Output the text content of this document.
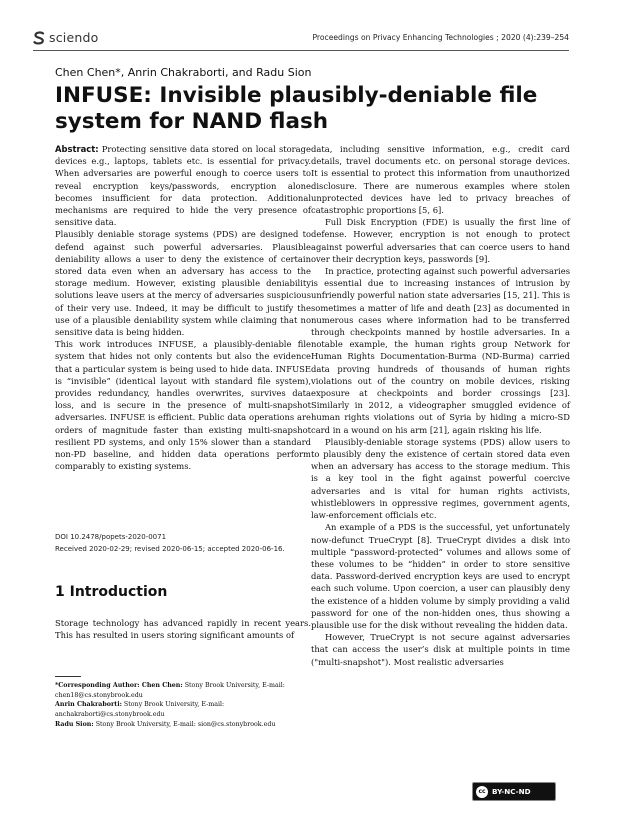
sciendo	Proceedings on Privacy Enhancing Technologies ; 2020 (4):239–254
Chen Chen*, Anrin Chakraborti, and Radu Sion
INFUSE: Invisible plausibly-deniable file system for NAND flash

Abstract: Protecting sensitive data stored on local storage devices e.g., laptops, tablets etc. is essential for privacy. When adversaries are powerful enough to coerce users to reveal encryption keys/passwords, encryption alone becomes insufficient for data protection. Additional mechanisms are required to hide the very presence of sensitive data.

Plausibly deniable storage systems (PDS) are designed to defend against such powerful adversaries. Plausible deniability allows a user to deny the existence of certain stored data even when an adversary has access to the storage medium. However, existing plausible deniability solutions leave users at the mercy of adversaries suspicious of their very use. Indeed, it may be difficult to justify the use of a plausible deniability system while claiming that no sensitive data is being hidden.

This work introduces INFUSE, a plausibly-deniable file system that hides not only contents but also the evidence that a particular system is being used to hide data. INFUSE is “invisible” (identical layout with standard file system), provides redundancy, handles overwrites, survives data loss, and is secure in the presence of multi-snapshot adversaries. INFUSE is efficient. Public data operations are orders of magnitude faster than existing multi-snapshot resilient PD systems, and only 15% slower than a standard non-PD baseline, and hidden data operations perform comparably to existing systems.

DOI 10.2478/popets-2020-0071
Received 2020-02-29; revised 2020-06-15; accepted 2020-06-16.
1 Introduction

Storage technology has advanced rapidly in recent years. This has resulted in users storing significant amounts of

*Corresponding Author: Chen Chen: Stony Brook University, E-mail: chen18@cs.stonybrook.edu
Anrin Chakraborti: Stony Brook University, E-mail: anchakraborti@cs.stonybrook.edu
Radu Sion: Stony Brook University, E-mail: sion@cs.stonybrook.edu

data, including sensitive information, e.g., credit card details, travel documents etc. on personal storage devices. It is essential to protect this information from unauthorized disclosure. There are numerous examples where stolen unprotected devices have led to privacy breaches of catastrophic proportions [5, 6].

Full Disk Encryption (FDE) is usually the first line of defense. However, encryption is not enough to protect against powerful adversaries that can coerce users to hand over their decryption keys, passwords [9].

In practice, protecting against such powerful adversaries is essential due to increasing instances of intrusion by unfriendly powerful nation state adversaries [15, 21]. This is sometimes a matter of life and death [23] as documented in numerous cases where information had to be transferred through checkpoints manned by hostile adversaries. In a notable example, the human rights group Network for Human Rights Documentation-Burma (ND-Burma) carried data proving hundreds of thousands of human rights violations out of the country on mobile devices, risking exposure at checkpoints and border crossings [23]. Similarly in 2012, a videographer smuggled evidence of human rights violations out of Syria by hiding a micro-SD card in a wound on his arm [21], again risking his life.

Plausibly-deniable storage systems (PDS) allow users to to plausibly deny the existence of certain stored data even when an adversary has access to the storage medium. This is a key tool in the fight against powerful coercive adversaries and is vital for human rights activists, whistleblowers in oppressive regimes, government agents, law-enforcement officials etc.

An example of a PDS is the successful, yet unfortunately now-defunct TrueCrypt [8]. TrueCrypt divides a disk into multiple “password-protected” volumes and allows some of these volumes to be “hidden” in order to store sensitive data. Password-derived encryption keys are used to encrypt each such volume. Upon coercion, a user can plausibly deny the existence of a hidden volume by simply providing a valid password for one of the non-hidden ones, thus showing a plausible use for the disk without revealing the hidden data.

However, TrueCrypt is not secure against adversaries that can access the user’s disk at multiple points in time ("multi-snapshot"). Most realistic adversaries

cc BY-NC-ND
